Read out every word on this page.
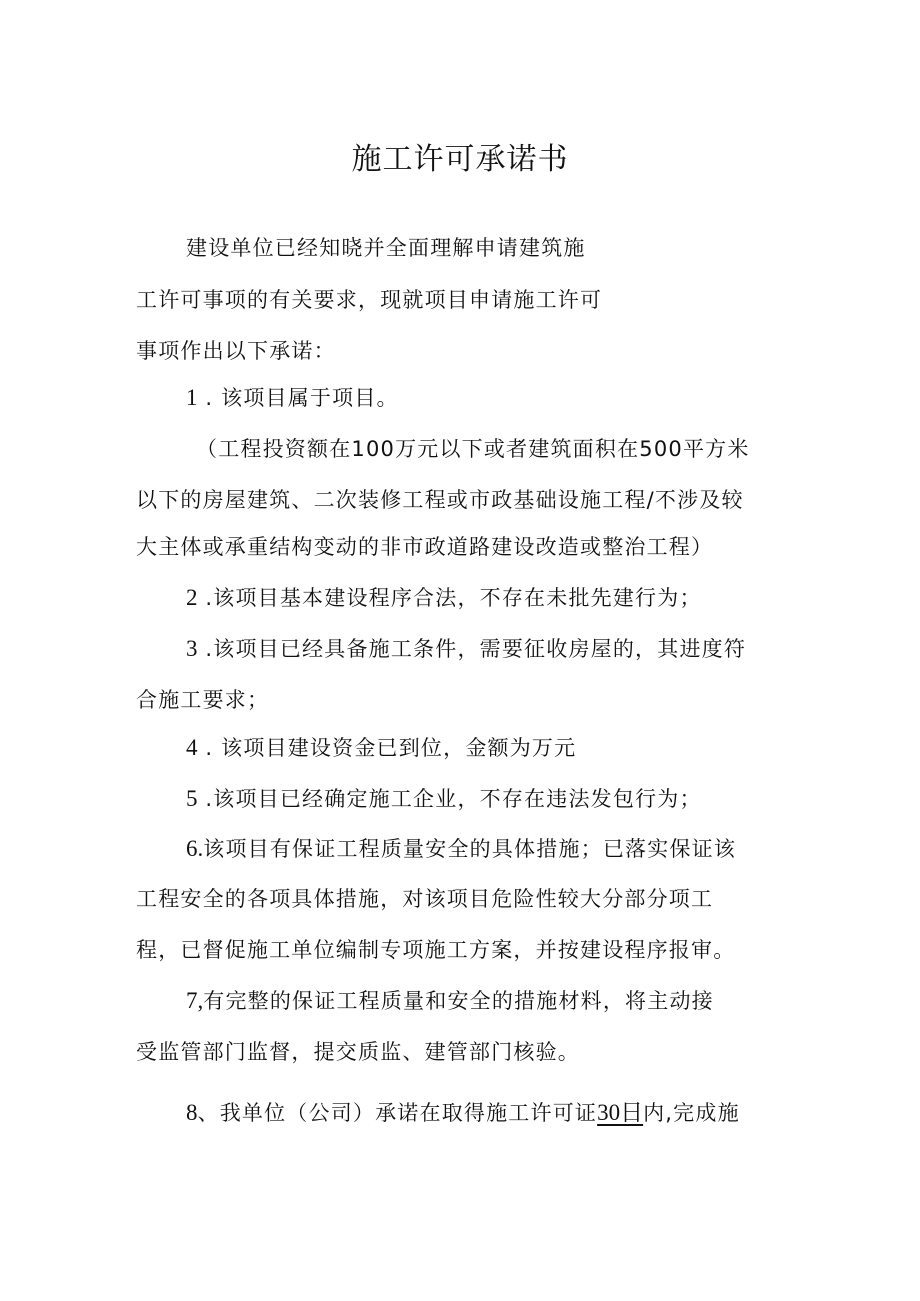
施工许可承诺书
建设单位已经知晓并全面理解申请建筑施
工许可事项的有关要求，现就项目申请施工许可
事项作出以下承诺：
1 . 该项目属于项目。
（工程投资额在100万元以下或者建筑面积在500平方米
以下的房屋建筑、二次装修工程或市政基础设施工程/不涉及较
大主体或承重结构变动的非市政道路建设改造或整治工程）
2 .该项目基本建设程序合法，不存在未批先建行为；
3 .该项目已经具备施工条件，需要征收房屋的，其进度符
合施工要求；
4 . 该项目建设资金已到位，金额为万元
5 .该项目已经确定施工企业，不存在违法发包行为；
6.该项目有保证工程质量安全的具体措施；已落实保证该
工程安全的各项具体措施，对该项目危险性较大分部分项工
程，已督促施工单位编制专项施工方案，并按建设程序报审。
7,有完整的保证工程质量和安全的措施材料，将主动接
受监管部门监督，提交质监、建管部门核验。
8、我单位（公司）承诺在取得施工许可证30日内,完成施
